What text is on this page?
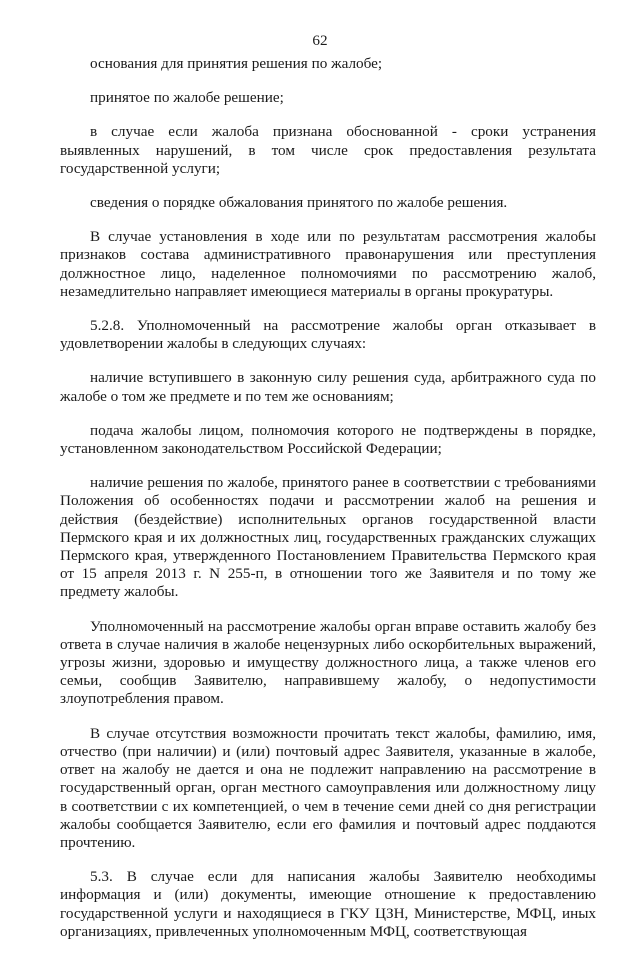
62

основания для принятия решения по жалобе;

принятое по жалобе решение;

в случае если жалоба признана обоснованной - сроки устранения выявленных нарушений, в том числе срок предоставления результата государственной услуги;

сведения о порядке обжалования принятого по жалобе решения.

В случае установления в ходе или по результатам рассмотрения жалобы признаков состава административного правонарушения или преступления должностное лицо, наделенное полномочиями по рассмотрению жалоб, незамедлительно направляет имеющиеся материалы в органы прокуратуры.

5.2.8. Уполномоченный на рассмотрение жалобы орган отказывает в удовлетворении жалобы в следующих случаях:

наличие вступившего в законную силу решения суда, арбитражного суда по жалобе о том же предмете и по тем же основаниям;

подача жалобы лицом, полномочия которого не подтверждены в порядке, установленном законодательством Российской Федерации;

наличие решения по жалобе, принятого ранее в соответствии с требованиями Положения об особенностях подачи и рассмотрении жалоб на решения и действия (бездействие) исполнительных органов государственной власти Пермского края и их должностных лиц, государственных гражданских служащих Пермского края, утвержденного Постановлением Правительства Пермского края от 15 апреля 2013 г. N 255-п, в отношении того же Заявителя и по тому же предмету жалобы.

Уполномоченный на рассмотрение жалобы орган вправе оставить жалобу без ответа в случае наличия в жалобе нецензурных либо оскорбительных выражений, угрозы жизни, здоровью и имуществу должностного лица, а также членов его семьи, сообщив Заявителю, направившему жалобу, о недопустимости злоупотребления правом.

В случае отсутствия возможности прочитать текст жалобы, фамилию, имя, отчество (при наличии) и (или) почтовый адрес Заявителя, указанные в жалобе, ответ на жалобу не дается и она не подлежит направлению на рассмотрение в государственный орган, орган местного самоуправления или должностному лицу в соответствии с их компетенцией, о чем в течение семи дней со дня регистрации жалобы сообщается Заявителю, если его фамилия и почтовый адрес поддаются прочтению.

5.3. В случае если для написания жалобы Заявителю необходимы информация и (или) документы, имеющие отношение к предоставлению государственной услуги и находящиеся в ГКУ ЦЗН, Министерстве, МФЦ, иных организациях, привлеченных уполномоченным МФЦ, соответствующая
